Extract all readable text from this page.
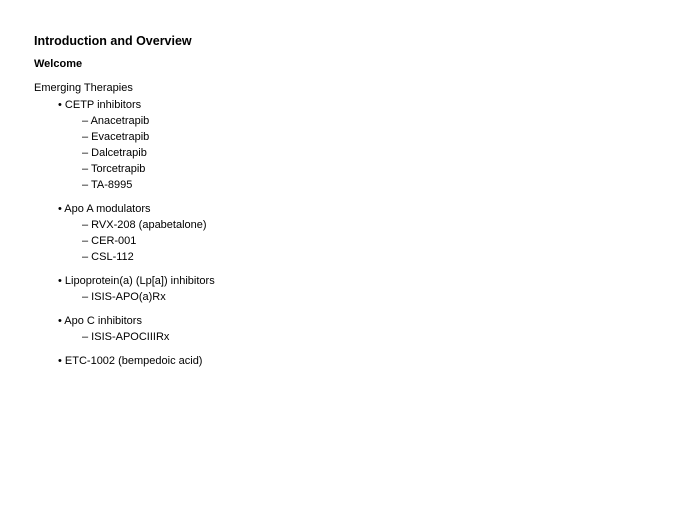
Introduction and Overview
Welcome
Emerging Therapies
• CETP inhibitors
– Anacetrapib
– Evacetrapib
– Dalcetrapib
– Torcetrapib
– TA-8995
• Apo A modulators
– RVX-208 (apabetalone)
– CER-001
– CSL-112
• Lipoprotein(a) (Lp[a]) inhibitors
– ISIS-APO(a)Rx
• Apo C inhibitors
– ISIS-APOCIIIRx
• ETC-1002 (bempedoic acid)
